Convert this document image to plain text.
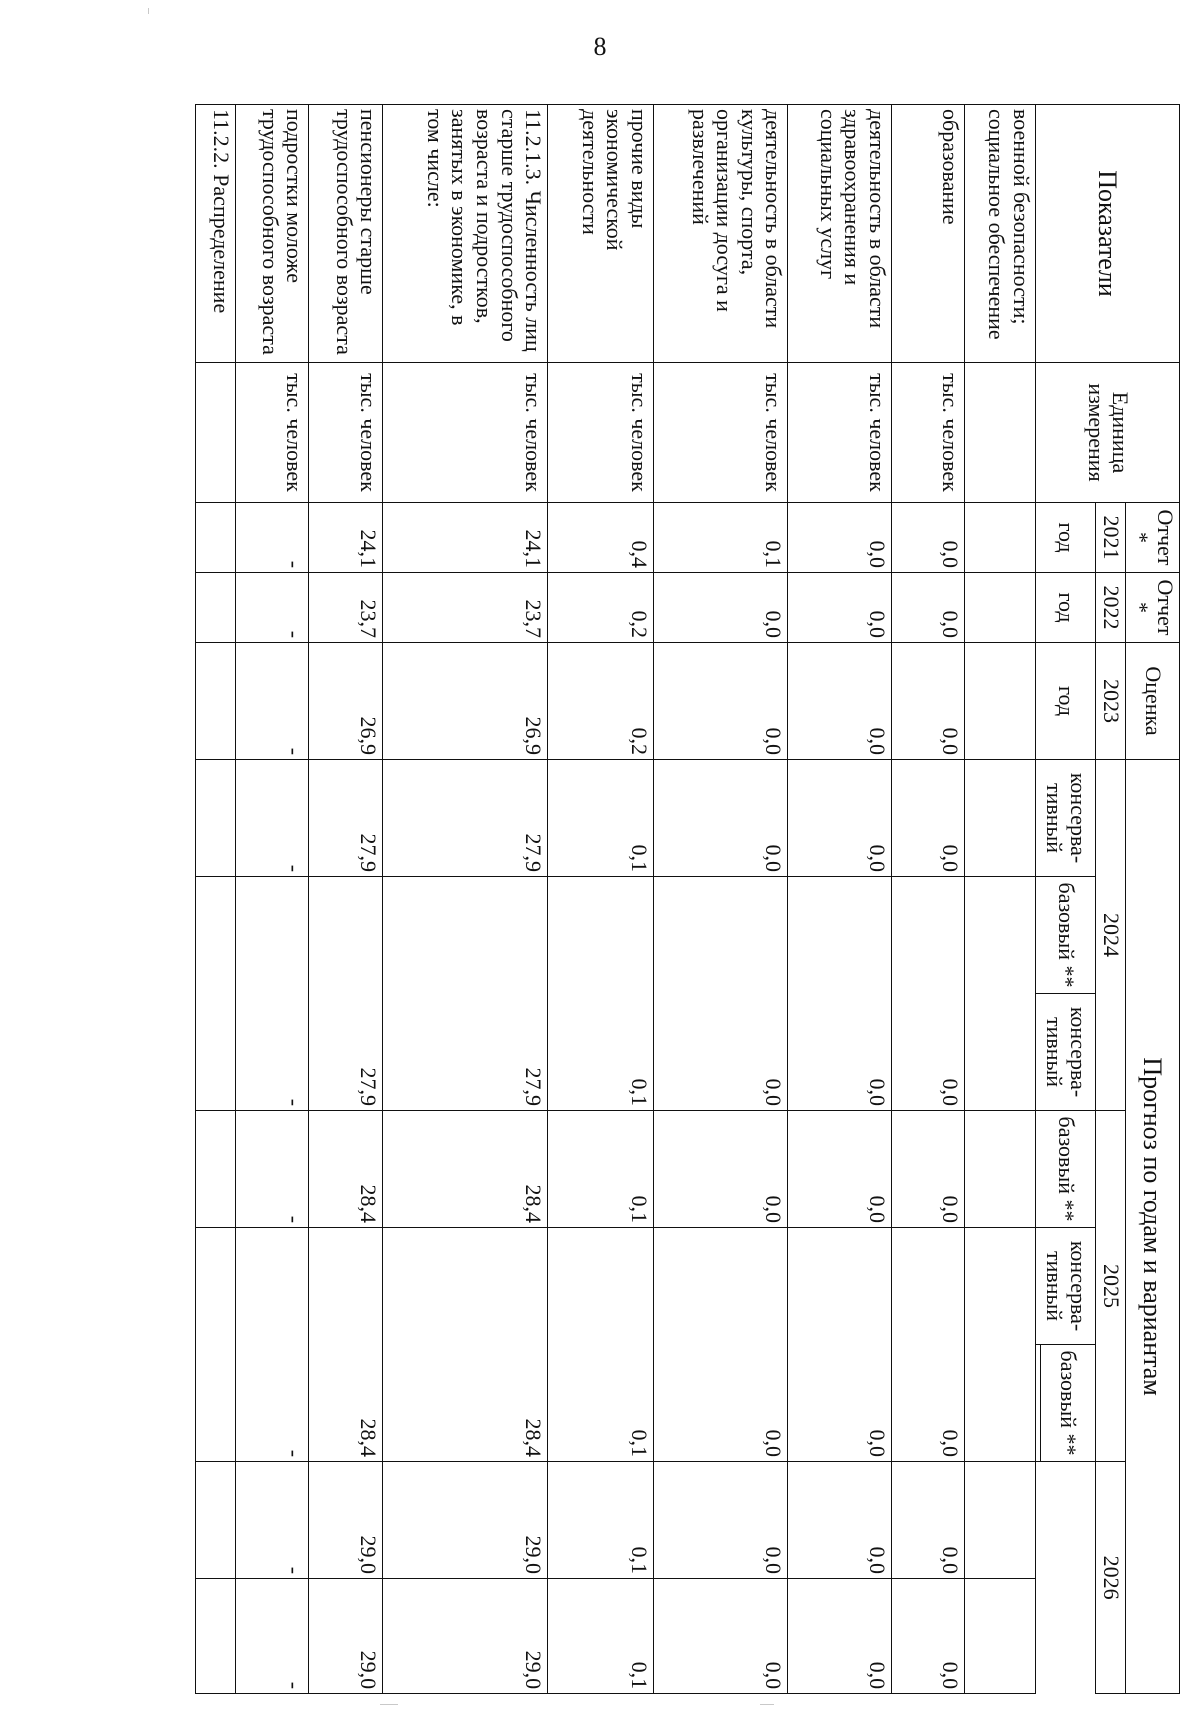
8
Показатели	Единица измерения	Отчет *	Отчет *	Оценка	Прогноз по годам и вариантам								
		2021	2022	2023	2024			2025			2026		
		год	год	год	консерва-тивный	базовый **	консерва-тивный	базовый **	консерва-тивный	базовый **			

военной безопасности; социальное обеспечение													
образование	тыс. человек	0,0	0,0	0,0	0,0	0,0		0,0	0,0		0,0	0,0	
деятельность в области здравоохранения и социальных услуг	тыс. человек	0,0	0,0	0,0	0,0	0,0		0,0	0,0		0,0	0,0	
деятельность в области культуры, спорта, организации досуга и развлечений	тыс. человек	0,1	0,0	0,0	0,0	0,0		0,0	0,0		0,0	0,0	
прочие виды экономической деятельности	тыс. человек	0,4	0,2	0,2	0,1	0,1		0,1	0,1		0,1	0,1	
11.2.1.3. Численность лиц старше трудоспособного возраста и подростков, занятых в экономике, в том числе:	тыс. человек	24,1	23,7	26,9	27,9	27,9		28,4	28,4		29,0	29,0	
пенсионеры старше трудоспособного возраста	тыс. человек	24,1	23,7	26,9	27,9	27,9		28,4	28,4		29,0	29,0	
подростки моложе трудоспособного возраста	тыс. человек	-	-	-	-	-		-	-		-	-	
11.2.2. Распределение													
